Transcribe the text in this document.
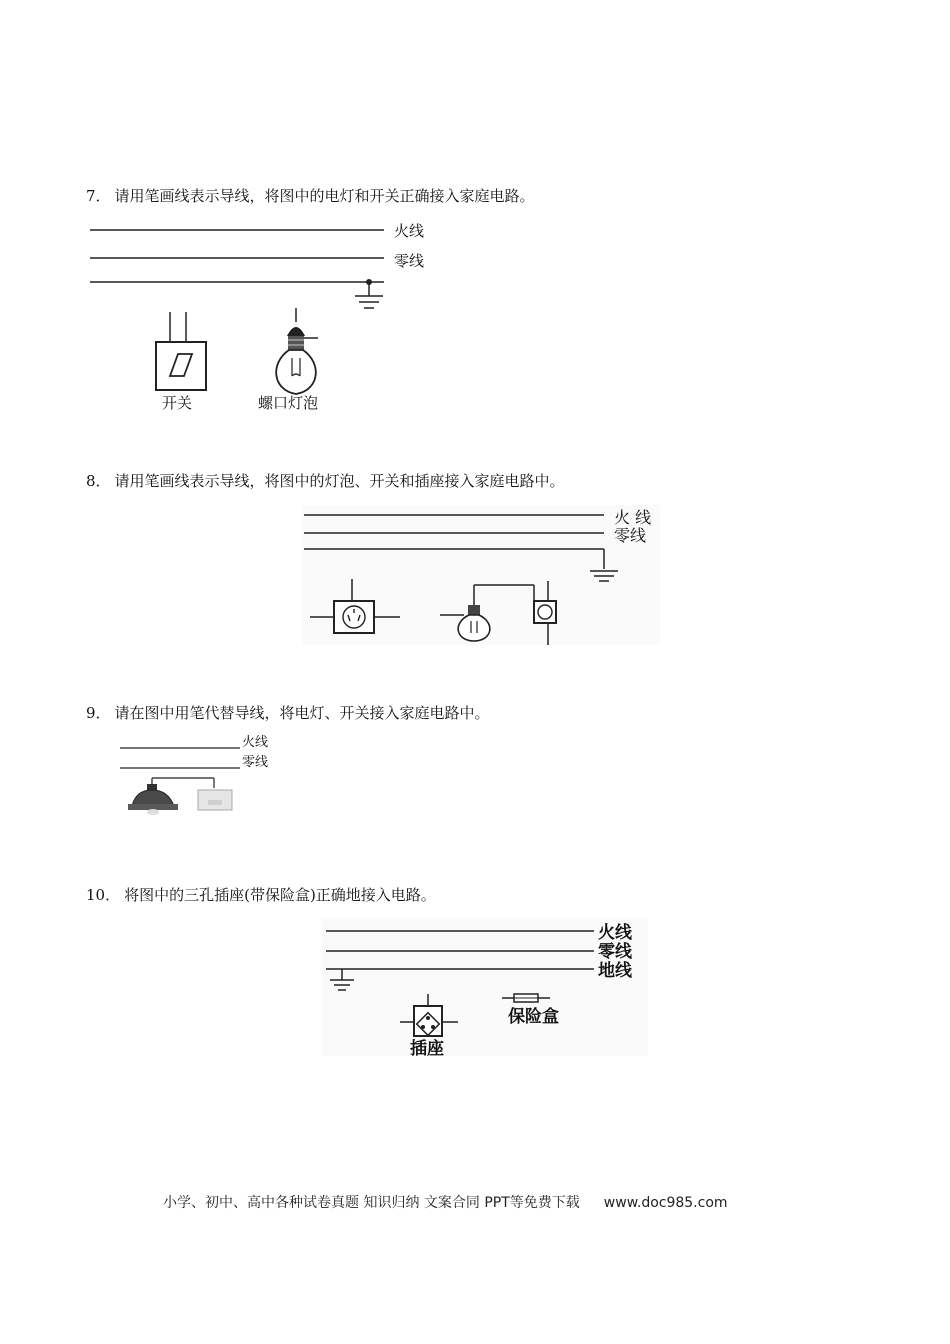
7． 请用笔画线表示导线，将图中的电灯和开关正确接入家庭电路。
火线
零线
开关	螺口灯泡
8． 请用笔画线表示导线，将图中的灯泡、开关和插座接入家庭电路中。
火 线
零线
9． 请在图中用笔代替导线，将电灯、开关接入家庭电路中。
火线
零线
10． 将图中的三孔插座(带保险盒)正确地接入电路。
火线
零线
地线
插座
保险盒
小学、初中、高中各种试卷真题 知识归纳 文案合同 PPT等免费下载 www.doc985.com
